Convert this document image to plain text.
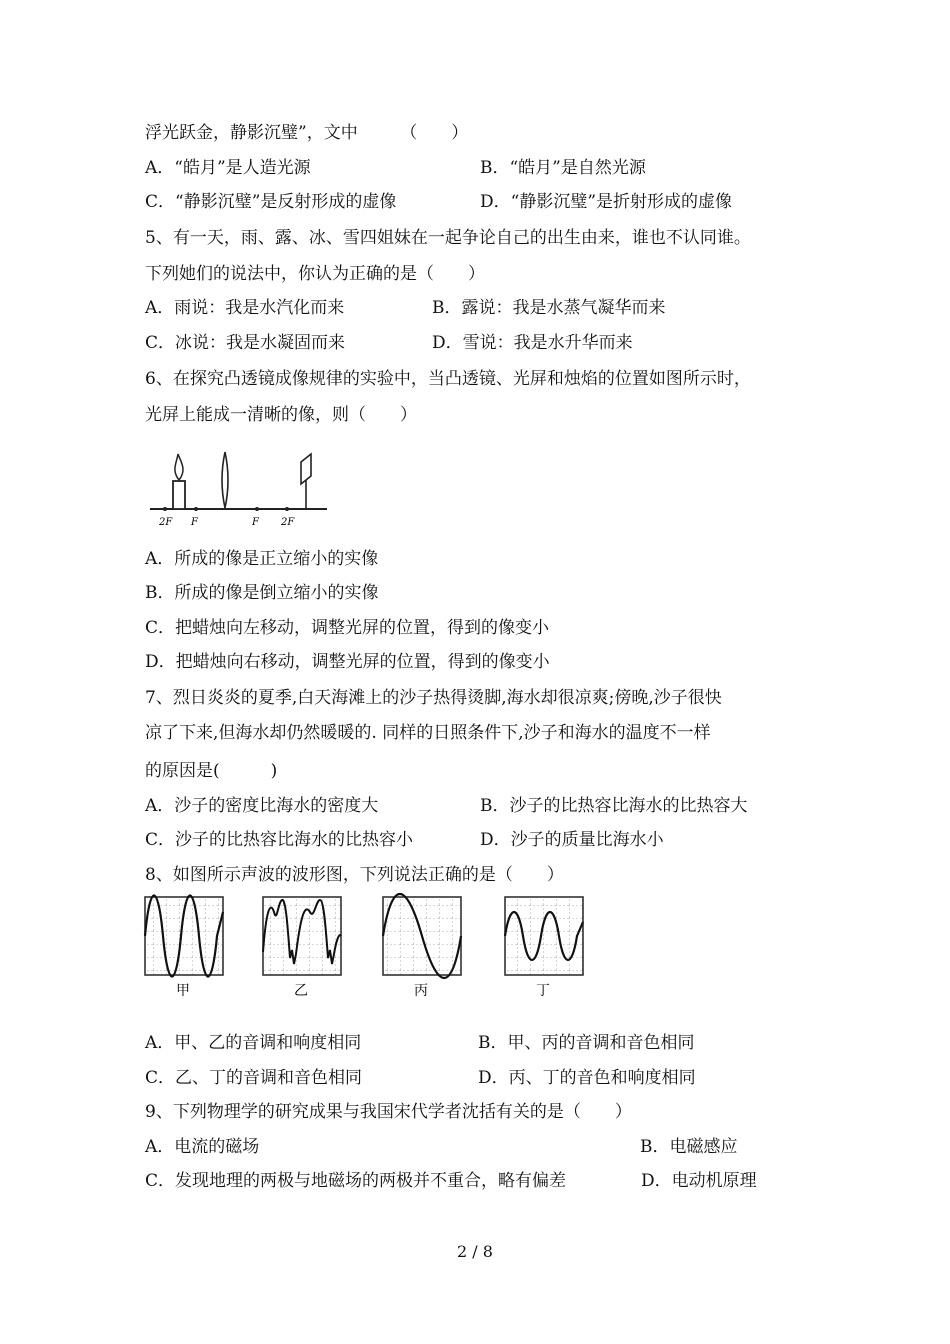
浮光跃金，静影沉璧”，文中　　　（　　）
A．“皓月”是人造光源	B．“皓月”是自然光源
C．“静影沉璧”是反射形成的虚像	D．“静影沉璧”是折射形成的虚像
5、有一天，雨、露、冰、雪四姐妹在一起争论自己的出生由来，谁也不认同谁。
下列她们的说法中，你认为正确的是（　　）
A．雨说：我是水汽化而来	B．露说：我是水蒸气凝华而来
C．冰说：我是水凝固而来	D．雪说：我是水升华而来
6、在探究凸透镜成像规律的实验中，当凸透镜、光屏和烛焰的位置如图所示时，
光屏上能成一清晰的像，则（　　）
2F F	F 2F
A．所成的像是正立缩小的实像
B．所成的像是倒立缩小的实像
C．把蜡烛向左移动，调整光屏的位置，得到的像变小
D．把蜡烛向右移动，调整光屏的位置，得到的像变小
7、烈日炎炎的夏季,白天海滩上的沙子热得烫脚,海水却很凉爽;傍晚,沙子很快
凉了下来,但海水却仍然暖暖的. 同样的日照条件下,沙子和海水的温度不一样
的原因是(　　　)
A．沙子的密度比海水的密度大	B．沙子的比热容比海水的比热容大
C．沙子的比热容比海水的比热容小	D．沙子的质量比海水小
8、如图所示声波的波形图，下列说法正确的是（　　）
甲	乙	丙	丁
A．甲、乙的音调和响度相同	B．甲、丙的音调和音色相同
C．乙、丁的音调和音色相同	D．丙、丁的音色和响度相同
9、下列物理学的研究成果与我国宋代学者沈括有关的是（　　）
A．电流的磁场	B．电磁感应
C．发现地理的两极与地磁场的两极并不重合，略有偏差	D．电动机原理
2 / 8
